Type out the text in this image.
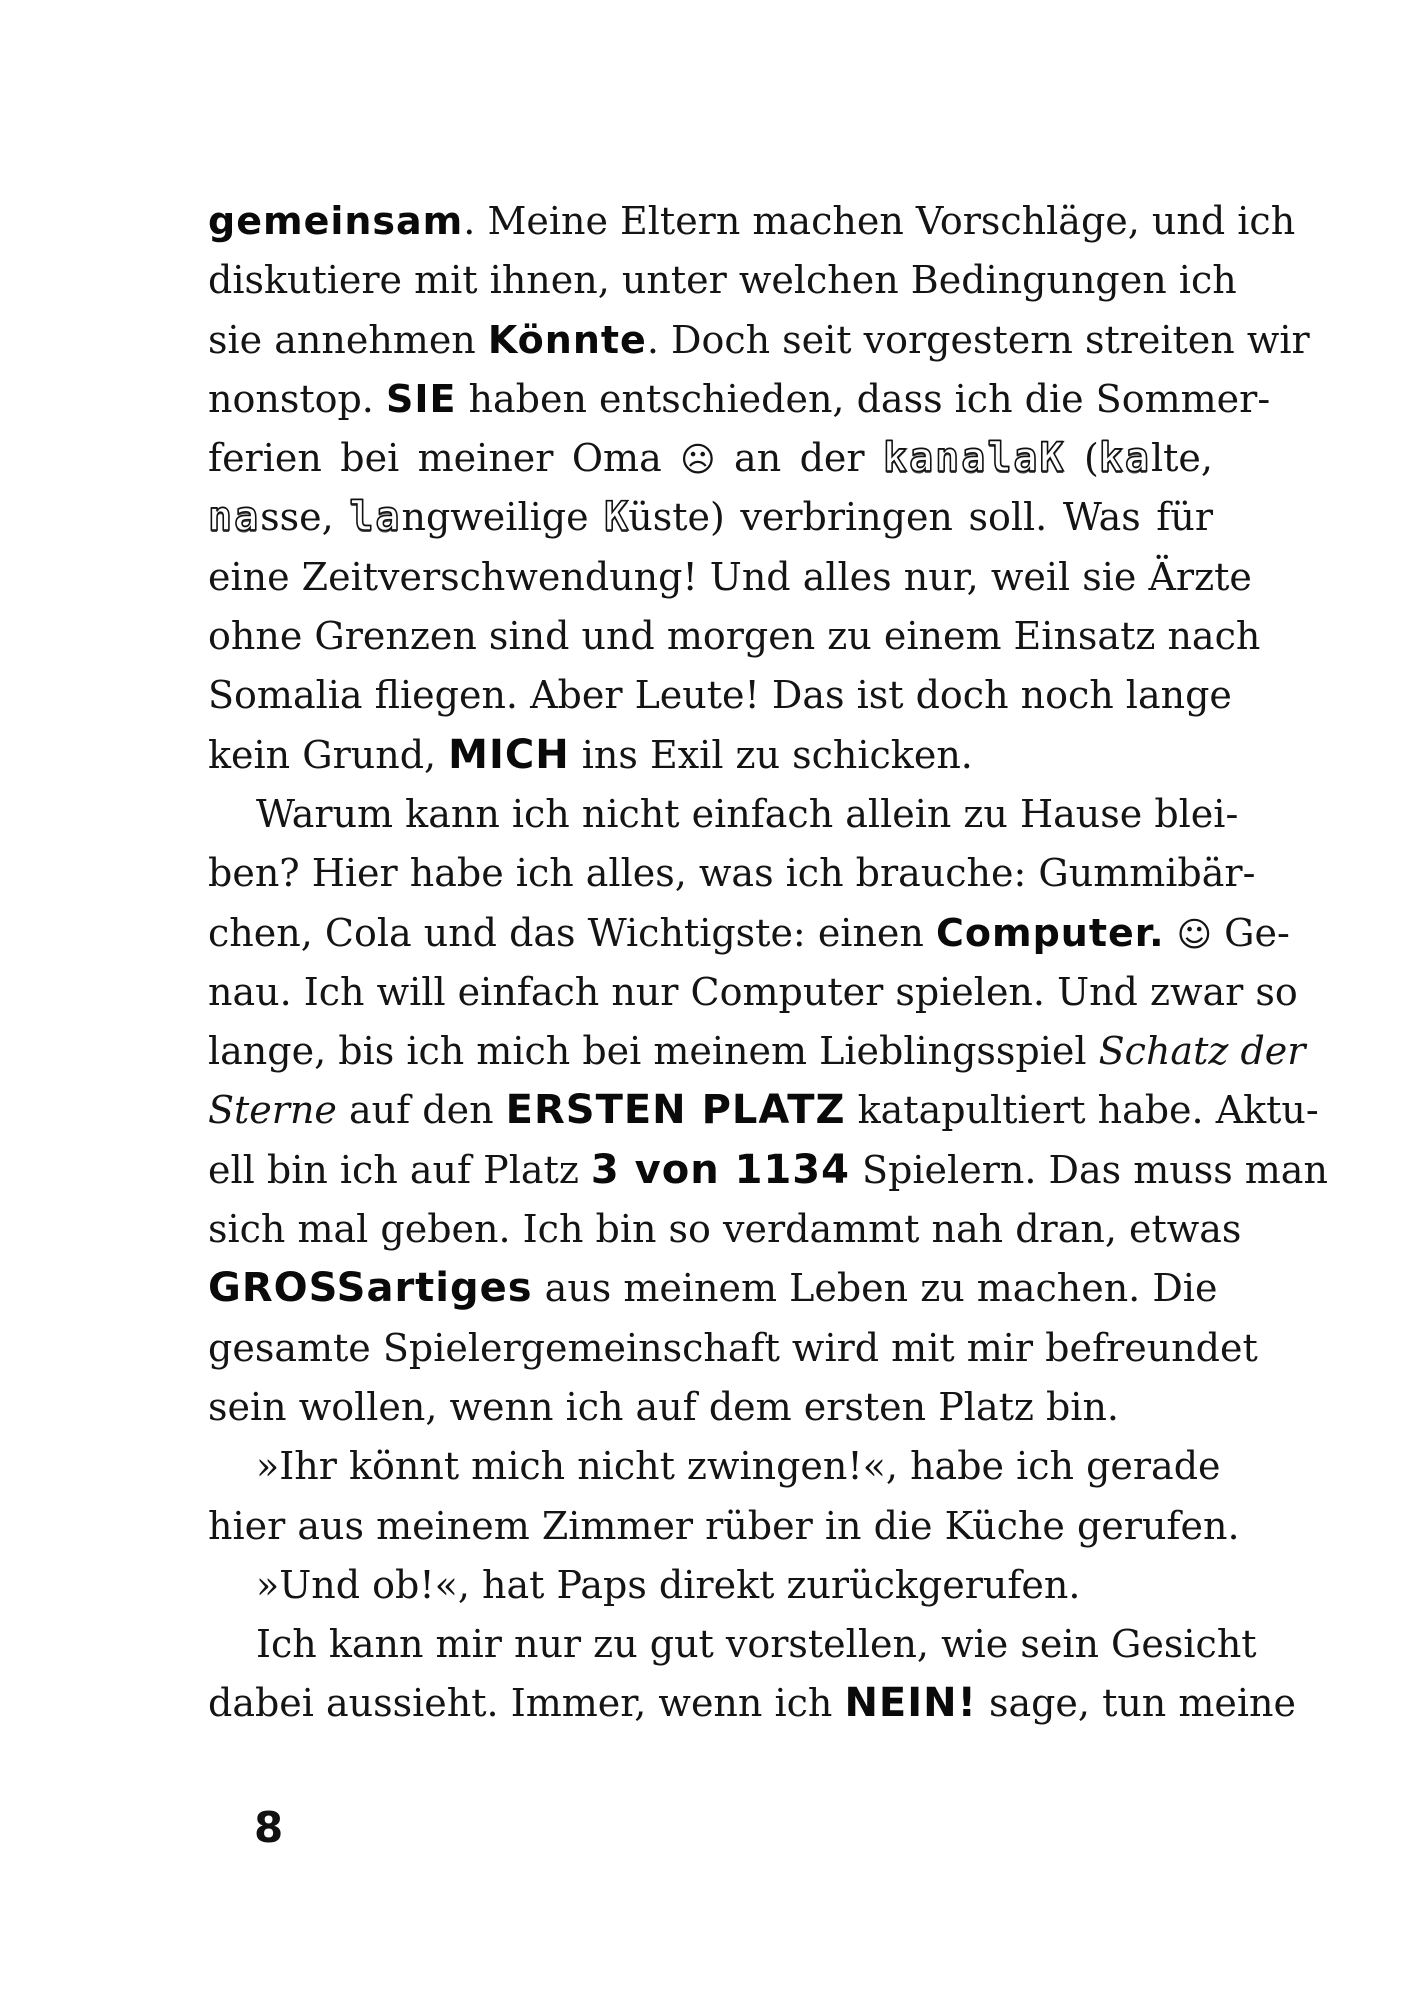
gemeinsam. Meine Eltern machen Vorschläge, und ich
diskutiere mit ihnen, unter welchen Bedingungen ich
sie annehmen Könnte. Doch seit vorgestern streiten wir
nonstop. SIE haben entschieden, dass ich die Sommer-
ferien bei meiner Oma ☹ an der kanalaK (kalte,
nasse, langweilige Küste) verbringen soll. Was für
eine Zeitverschwendung! Und alles nur, weil sie Ärzte
ohne Grenzen sind und morgen zu einem Einsatz nach
Somalia fliegen. Aber Leute! Das ist doch noch lange
kein Grund, MICH ins Exil zu schicken.
Warum kann ich nicht einfach allein zu Hause blei-
ben? Hier habe ich alles, was ich brauche: Gummibär-
chen, Cola und das Wichtigste: einen Computer. ☺ Ge-
nau. Ich will einfach nur Computer spielen. Und zwar so
lange, bis ich mich bei meinem Lieblingsspiel Schatz der
Sterne auf den ERSTEN PLATZ katapultiert habe. Aktu-
ell bin ich auf Platz 3 von 1134 Spielern. Das muss man
sich mal geben. Ich bin so verdammt nah dran, etwas
GROSSartiges aus meinem Leben zu machen. Die
gesamte Spielergemeinschaft wird mit mir befreundet
sein wollen, wenn ich auf dem ersten Platz bin.
»Ihr könnt mich nicht zwingen!«, habe ich gerade
hier aus meinem Zimmer rüber in die Küche gerufen.
»Und ob!«, hat Paps direkt zurückgerufen.
Ich kann mir nur zu gut vorstellen, wie sein Gesicht
dabei aussieht. Immer, wenn ich NEIN! sage, tun meine
8
